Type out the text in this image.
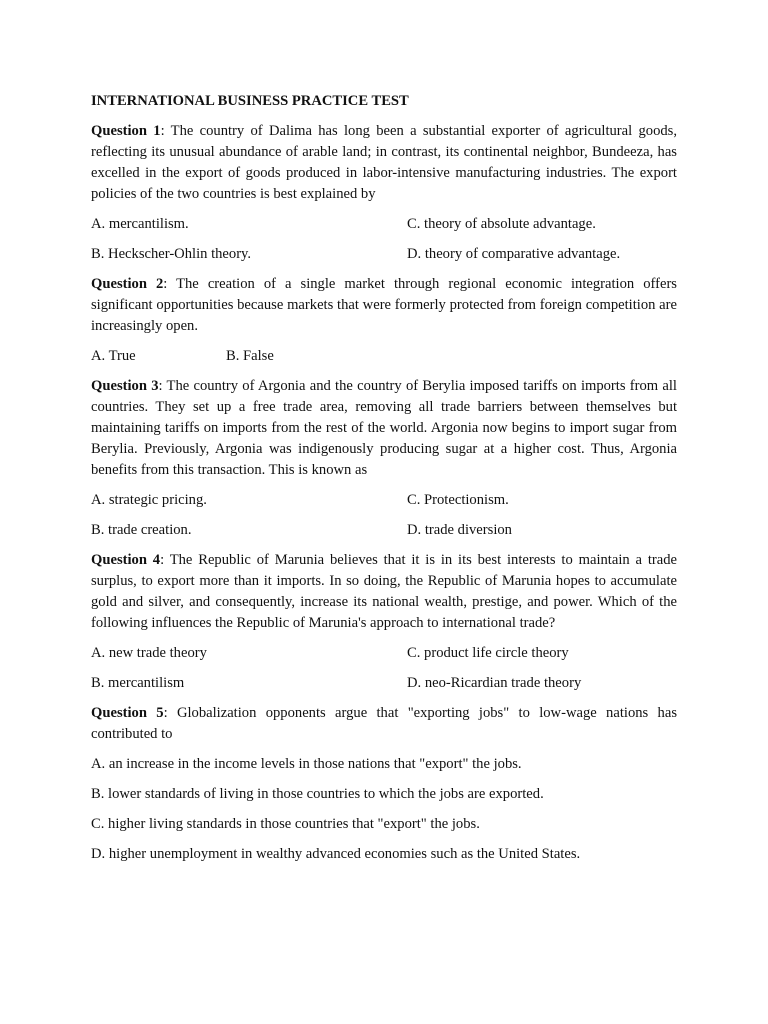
INTERNATIONAL BUSINESS PRACTICE TEST

Question 1: The country of Dalima has long been a substantial exporter of agricultural goods, reflecting its unusual abundance of arable land; in contrast, its continental neighbor, Bundeeza, has excelled in the export of goods produced in labor-intensive manufacturing industries. The export policies of the two countries is best explained by

A. mercantilism.	C. theory of absolute advantage.
B. Heckscher-Ohlin theory.	D. theory of comparative advantage.

Question 2: The creation of a single market through regional economic integration offers significant opportunities because markets that were formerly protected from foreign competition are increasingly open.

A. True	B. False

Question 3: The country of Argonia and the country of Berylia imposed tariffs on imports from all countries. They set up a free trade area, removing all trade barriers between themselves but maintaining tariffs on imports from the rest of the world. Argonia now begins to import sugar from Berylia. Previously, Argonia was indigenously producing sugar at a higher cost. Thus, Argonia benefits from this transaction. This is known as

A. strategic pricing.	C. Protectionism.
B. trade creation.	D. trade diversion

Question 4: The Republic of Marunia believes that it is in its best interests to maintain a trade surplus, to export more than it imports. In so doing, the Republic of Marunia hopes to accumulate gold and silver, and consequently, increase its national wealth, prestige, and power. Which of the following influences the Republic of Marunia's approach to international trade?

A. new trade theory	C. product life circle theory
B. mercantilism	D. neo-Ricardian trade theory

Question 5: Globalization opponents argue that "exporting jobs" to low-wage nations has contributed to

A. an increase in the income levels in those nations that "export" the jobs.

B. lower standards of living in those countries to which the jobs are exported.

C. higher living standards in those countries that "export" the jobs.

D. higher unemployment in wealthy advanced economies such as the United States.
